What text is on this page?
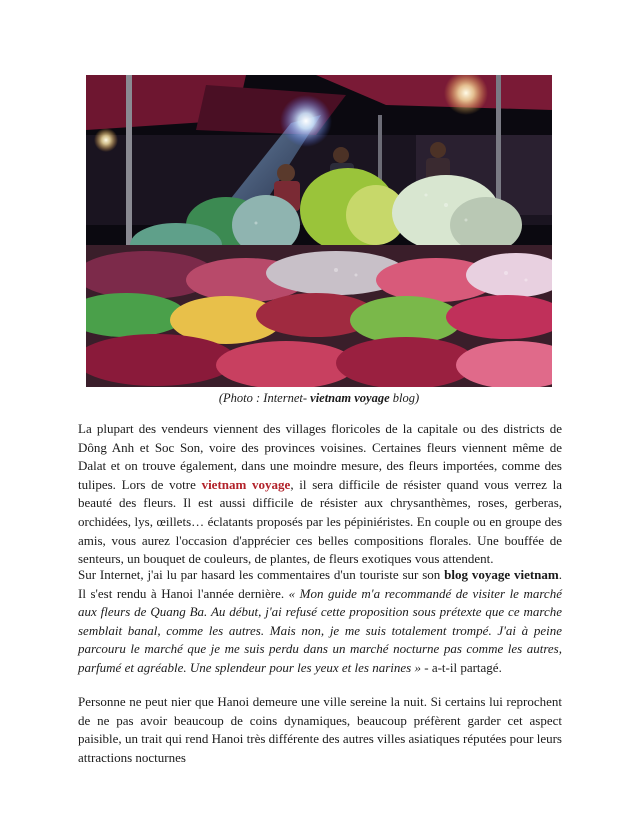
(Photo : Internet- vietnam voyage blog)

La plupart des vendeurs viennent des villages floricoles de la capitale ou des districts de Dông Anh et Soc Son, voire des provinces voisines. Certaines fleurs viennent même de Dalat et on trouve également, dans une moindre mesure, des fleurs importées, comme des tulipes. Lors de votre vietnam voyage, il sera difficile de résister quand vous verrez la beauté des fleurs. Il est aussi difficile de résister aux chrysanthèmes, roses, gerberas, orchidées, lys, œillets… éclatants proposés par les pépiniéristes. En couple ou en groupe des amis, vous aurez l'occasion d'apprécier ces belles compositions florales. Une bouffée de senteurs, un bouquet de couleurs, de plantes, de fleurs exotiques vous attendent.

Sur Internet, j'ai lu par hasard les commentaires d'un touriste sur son blog voyage vietnam. Il s'est rendu à Hanoi l'année dernière. « Mon guide m'a recommandé de visiter le marché aux fleurs de Quang Ba. Au début, j'ai refusé cette proposition sous prétexte que ce marche semblait banal, comme les autres. Mais non, je me suis totalement trompé. J'ai à peine parcouru le marché que je me suis perdu dans un marché nocturne pas comme les autres, parfumé et agréable. Une splendeur pour les yeux et les narines » - a-t-il partagé.

Personne ne peut nier que Hanoi demeure une ville sereine la nuit. Si certains lui reprochent de ne pas avoir beaucoup de coins dynamiques, beaucoup préfèrent garder cet aspect paisible, un trait qui rend Hanoi très différente des autres villes asiatiques réputées pour leurs attractions nocturnes
